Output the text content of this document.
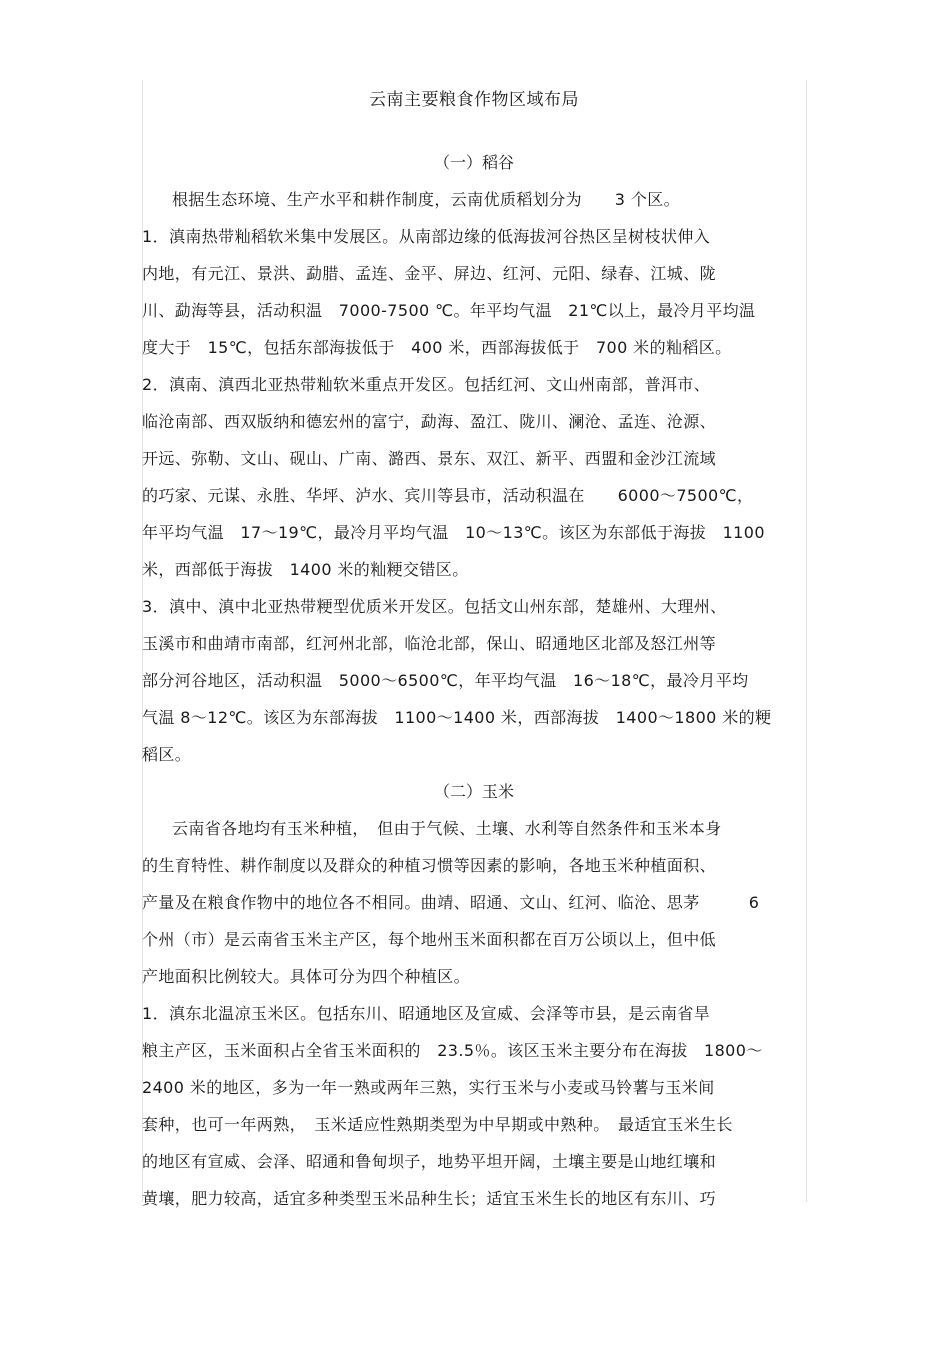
云南主要粮食作物区域布局
（一）稻谷
根据生态环境、生产水平和耕作制度，云南优质稻划分为　　3 个区。
1．滇南热带籼稻软米集中发展区。从南部边缘的低海拔河谷热区呈树枝状伸入
内地，有元江、景洪、勐腊、孟连、金平、屏边、红河、元阳、绿春、江城、陇
川、勐海等县，活动积温　7000-7500 ℃。年平均气温　21℃以上，最冷月平均温
度大于　15℃，包括东部海拔低于　400 米，西部海拔低于　700 米的籼稻区。
2．滇南、滇西北亚热带籼软米重点开发区。包括红河、文山州南部，普洱市、
临沧南部、西双版纳和德宏州的富宁，勐海、盈江、陇川、澜沧、孟连、沧源、
开远、弥勒、文山、砚山、广南、潞西、景东、双江、新平、西盟和金沙江流域
的巧家、元谋、永胜、华坪、泸水、宾川等县市，活动积温在　　6000～7500℃，
年平均气温　17～19℃，最冷月平均气温　10～13℃。该区为东部低于海拔　1100
米，西部低于海拔　1400 米的籼粳交错区。
3．滇中、滇中北亚热带粳型优质米开发区。包括文山州东部，楚雄州、大理州、
玉溪市和曲靖市南部，红河州北部，临沧北部，保山、昭通地区北部及怒江州等
部分河谷地区，活动积温　5000～6500℃，年平均气温　16～18℃，最冷月平均
气温 8～12℃。该区为东部海拔　1100～1400 米，西部海拔　1400～1800 米的粳
稻区。
（二）玉米
云南省各地均有玉米种植，　但由于气候、土壤、水利等自然条件和玉米本身
的生育特性、耕作制度以及群众的种植习惯等因素的影响，各地玉米种植面积、
产量及在粮食作物中的地位各不相同。曲靖、昭通、文山、红河、临沧、思茅　　　6
个州（市）是云南省玉米主产区，每个地州玉米面积都在百万公顷以上，但中低
产地面积比例较大。具体可分为四个种植区。
1．滇东北温凉玉米区。包括东川、昭通地区及宣威、会泽等市县，是云南省旱
粮主产区，玉米面积占全省玉米面积的　23.5％。该区玉米主要分布在海拔　1800～
2400 米的地区，多为一年一熟或两年三熟，实行玉米与小麦或马铃薯与玉米间
套种，也可一年两熟，　玉米适应性熟期类型为中早期或中熟种。　最适宜玉米生长
的地区有宣威、会泽、昭通和鲁甸坝子，地势平坦开阔，土壤主要是山地红壤和
黄壤，肥力较高，适宜多种类型玉米品种生长；适宜玉米生长的地区有东川、巧
